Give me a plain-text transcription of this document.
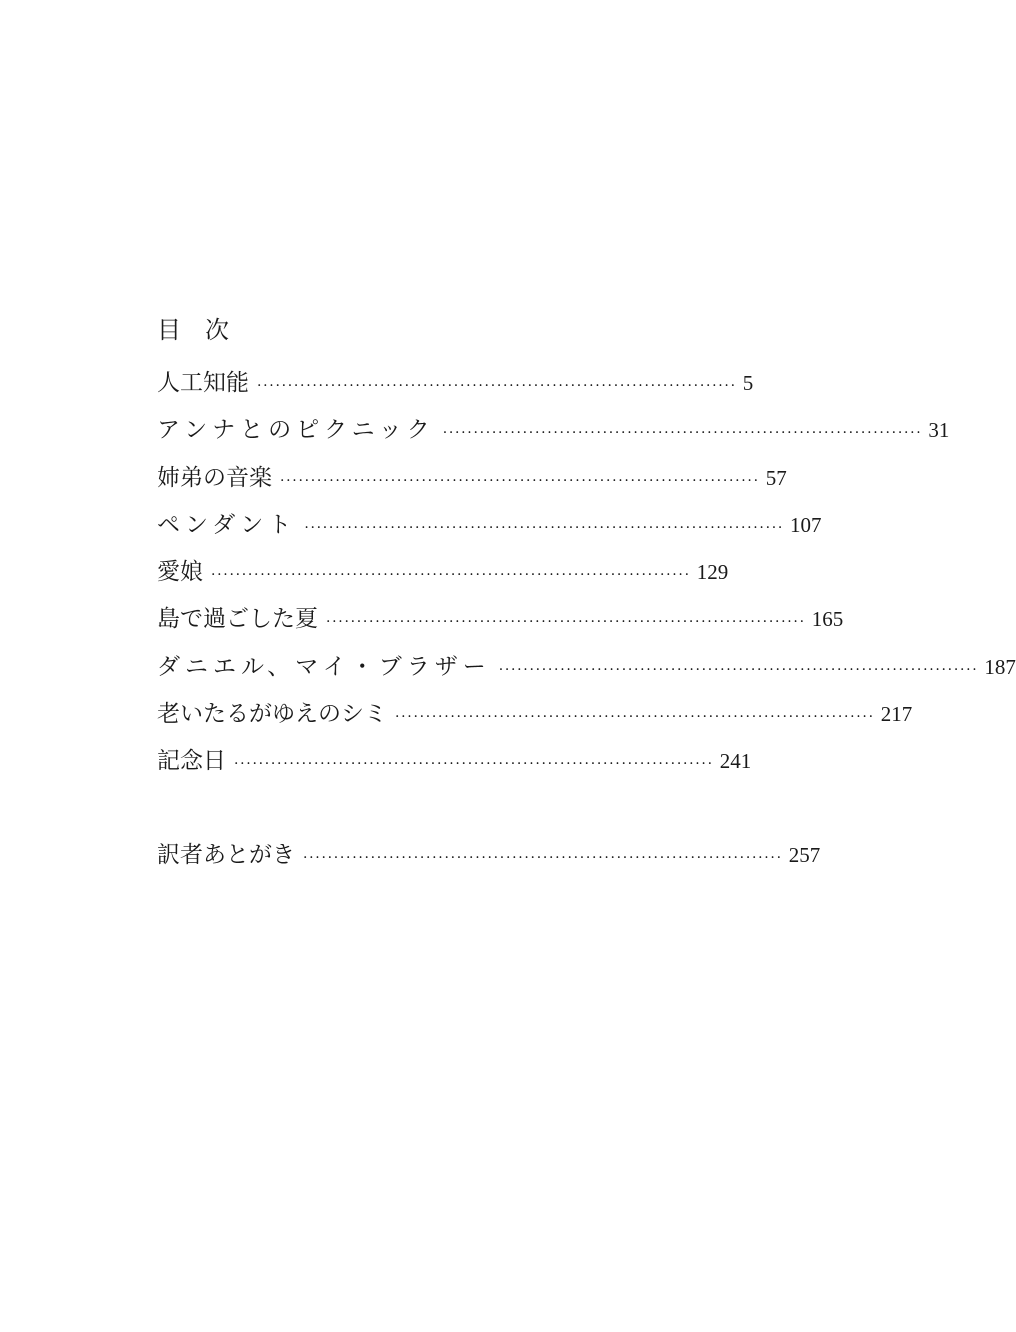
目　次
人工知能 ·············································································· 5
アンナとのピクニック ·············································································· 31
姉弟の音楽 ·············································································· 57
ペンダント ·············································································· 107
愛娘 ·············································································· 129
島で過ごした夏 ·············································································· 165
ダニエル、マイ・ブラザー ·············································································· 187
老いたるがゆえのシミ ·············································································· 217
記念日 ·············································································· 241
訳者あとがき ·············································································· 257
